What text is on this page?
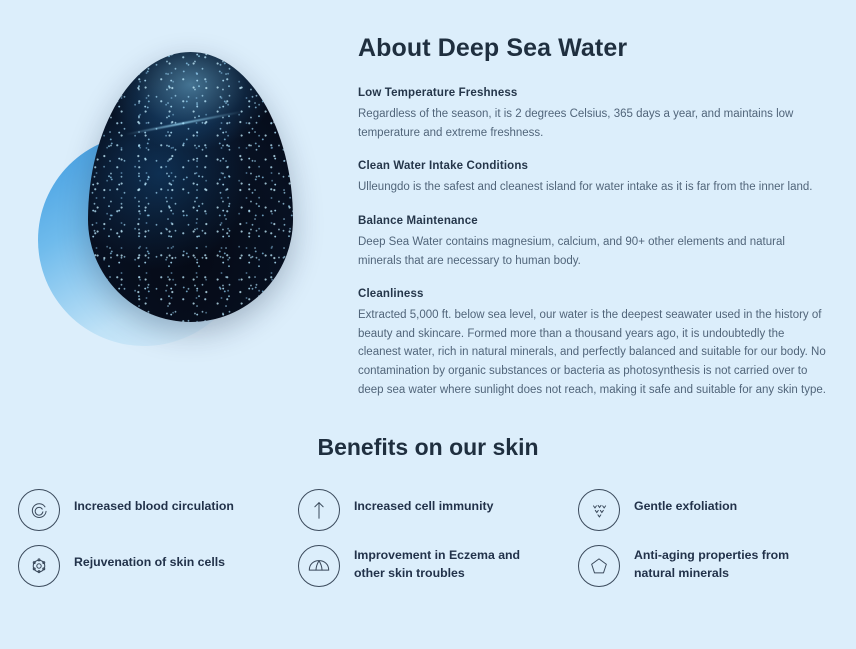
About Deep Sea Water
Low Temperature Freshness
Regardless of the season, it is 2 degrees Celsius, 365 days a year, and maintains low temperature and extreme freshness.
Clean Water Intake Conditions
Ulleungdo is the safest and cleanest island for water intake as it is far from the inner land.
Balance Maintenance
Deep Sea Water contains magnesium, calcium, and 90+ other elements and natural minerals that are necessary to human body.
Cleanliness
Extracted 5,000 ft. below sea level, our water is the deepest seawater used in the history of beauty and skincare. Formed more than a thousand years ago, it is undoubtedly the cleanest water, rich in natural minerals, and perfectly balanced and suitable for our body. No contamination by organic substances or bacteria as photosynthesis is not carried over to deep sea water where sunlight does not reach, making it safe and suitable for any skin type.
Benefits on our skin
Increased blood circulation	Increased cell immunity	Gentle exfoliation
Rejuvenation of skin cells	Improvement in Eczema and other skin troubles
Anti-aging properties from natural minerals
